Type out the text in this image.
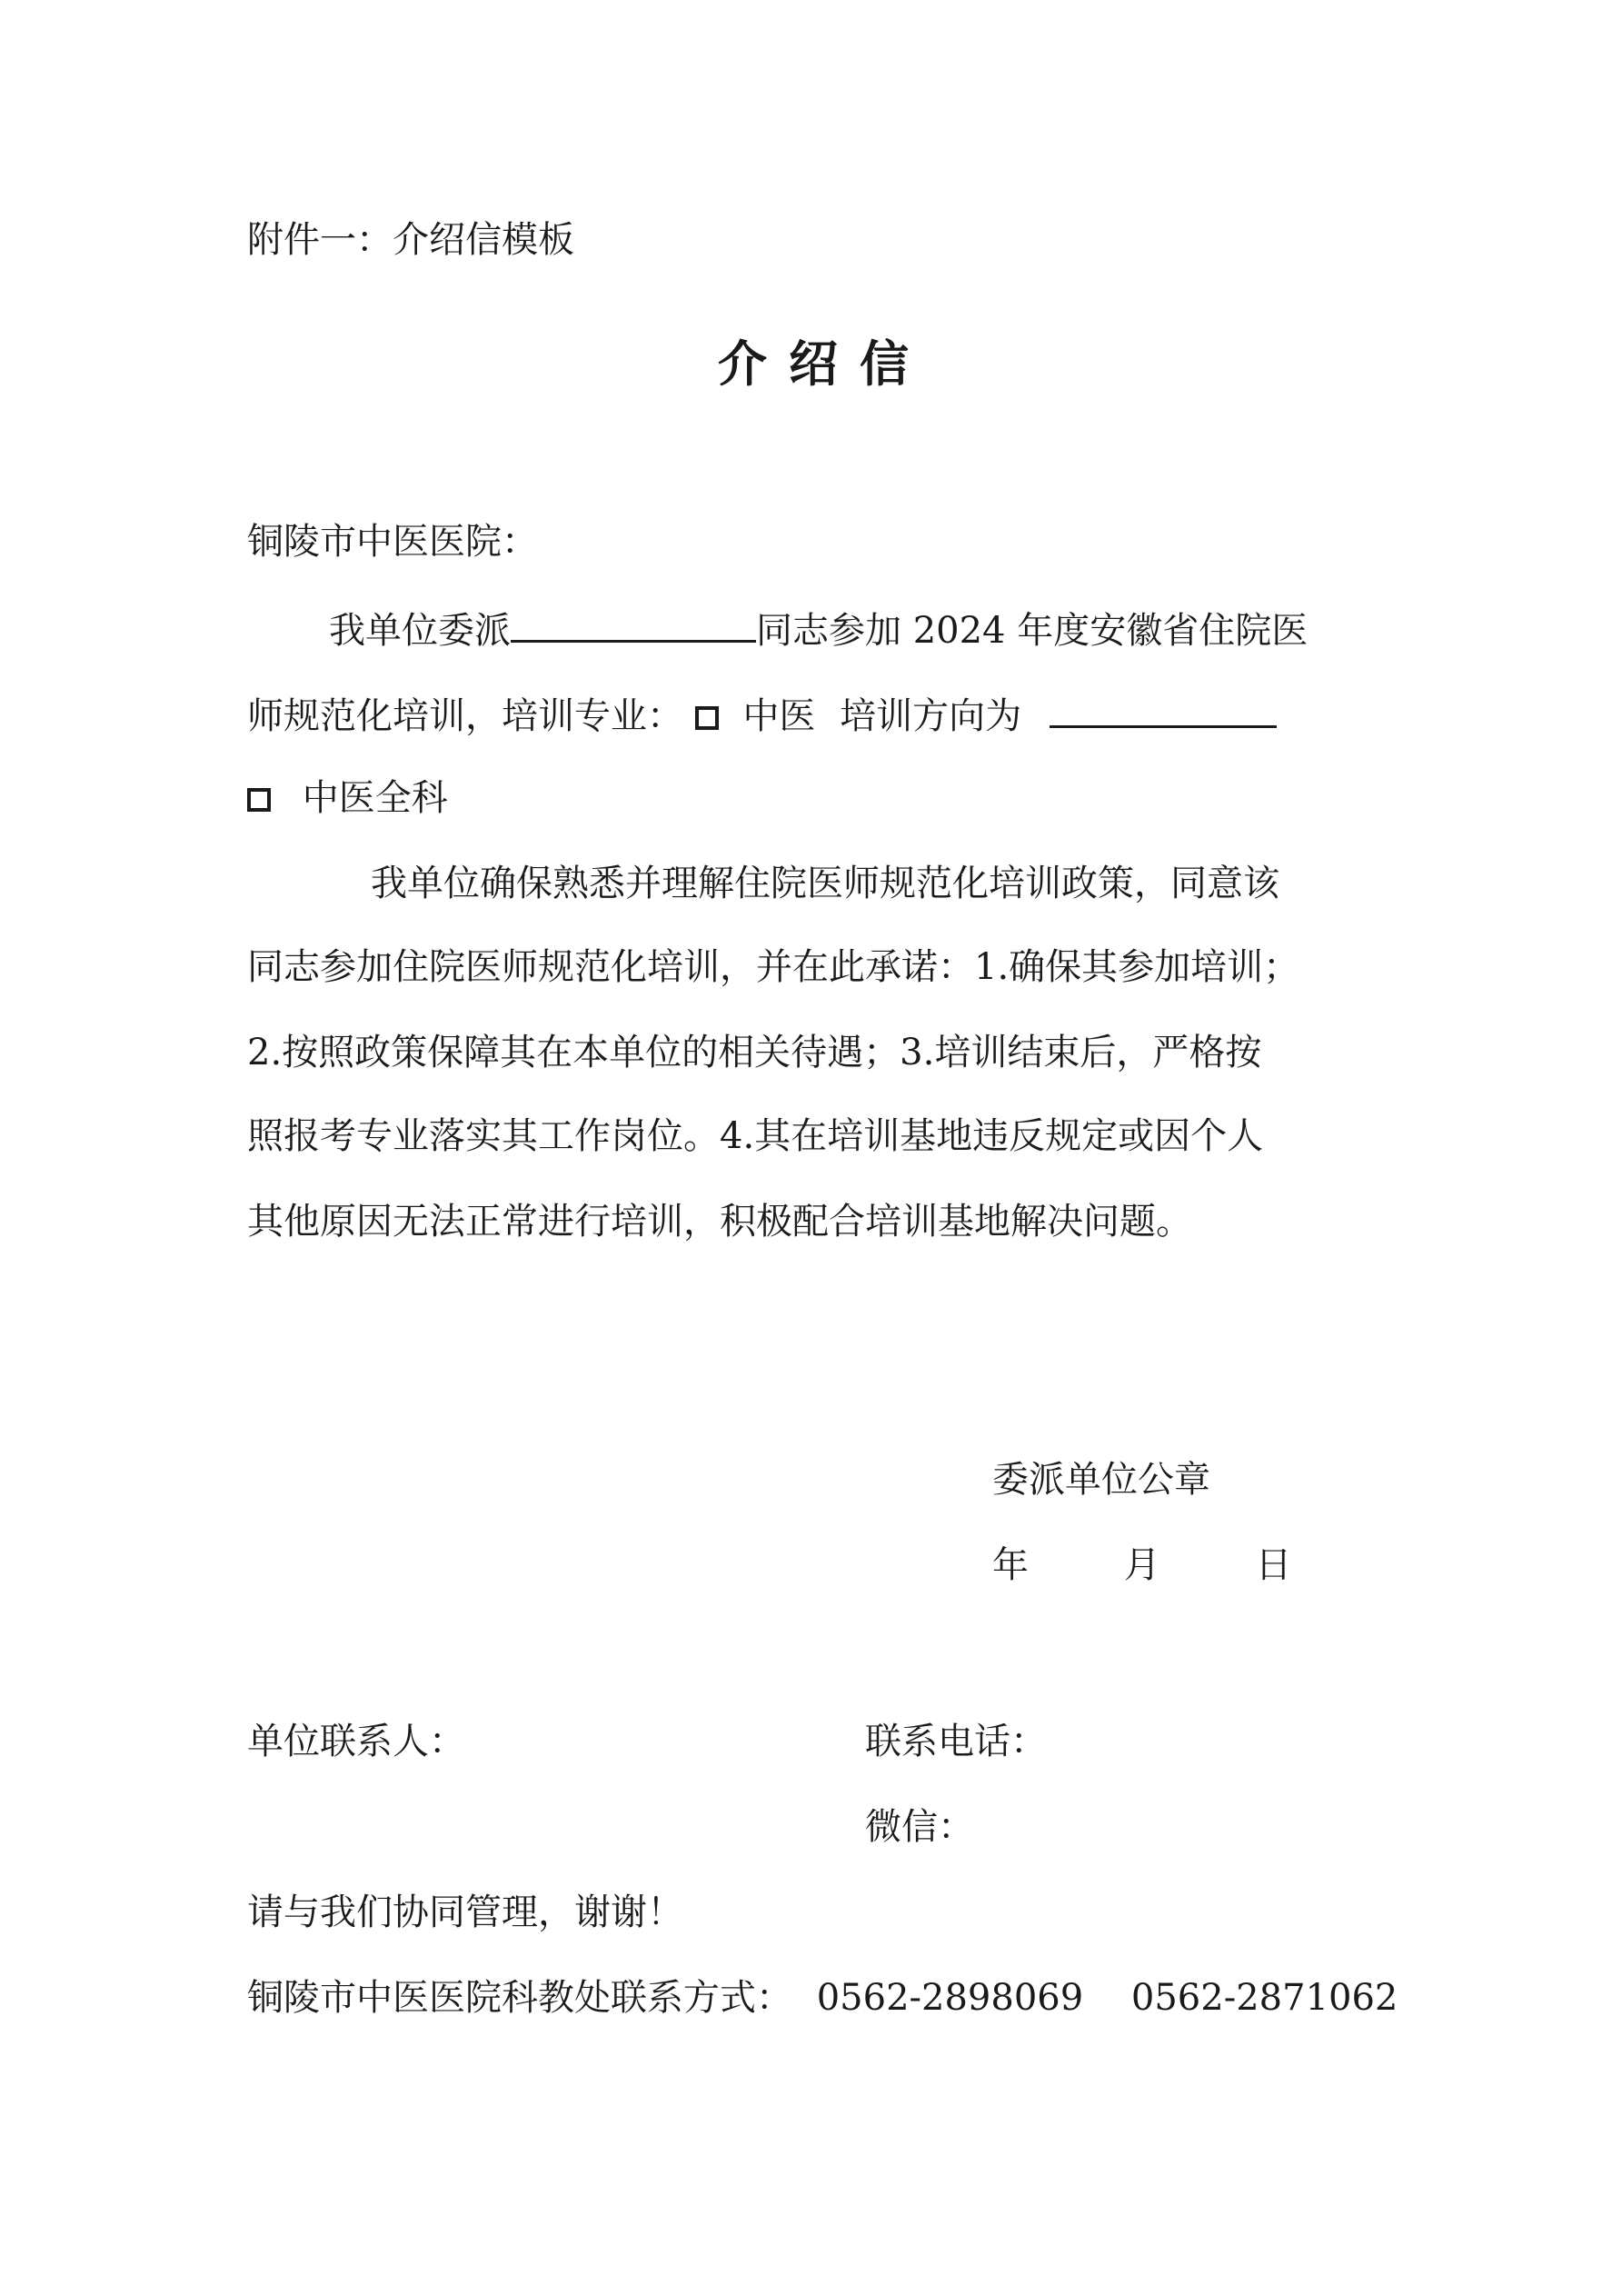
附件一：介绍信模板
介绍信
铜陵市中医医院：
我单位委派	同志参加 2024 年度安徽省住院医
师规范化培训，培训专业： 中医 培训方向为
中医全科
我单位确保熟悉并理解住院医师规范化培训政策，同意该
同志参加住院医师规范化培训，并在此承诺：1.确保其参加培训；
2.按照政策保障其在本单位的相关待遇；3.培训结束后，严格按
照报考专业落实其工作岗位。4.其在培训基地违反规定或因个人
其他原因无法正常进行培训，积极配合培训基地解决问题。
委派单位公章
年	月	日
单位联系人：	联系电话：
微信：
请与我们协同管理，谢谢！
铜陵市中医医院科教处联系方式： 0562-2898069 0562-2871062
